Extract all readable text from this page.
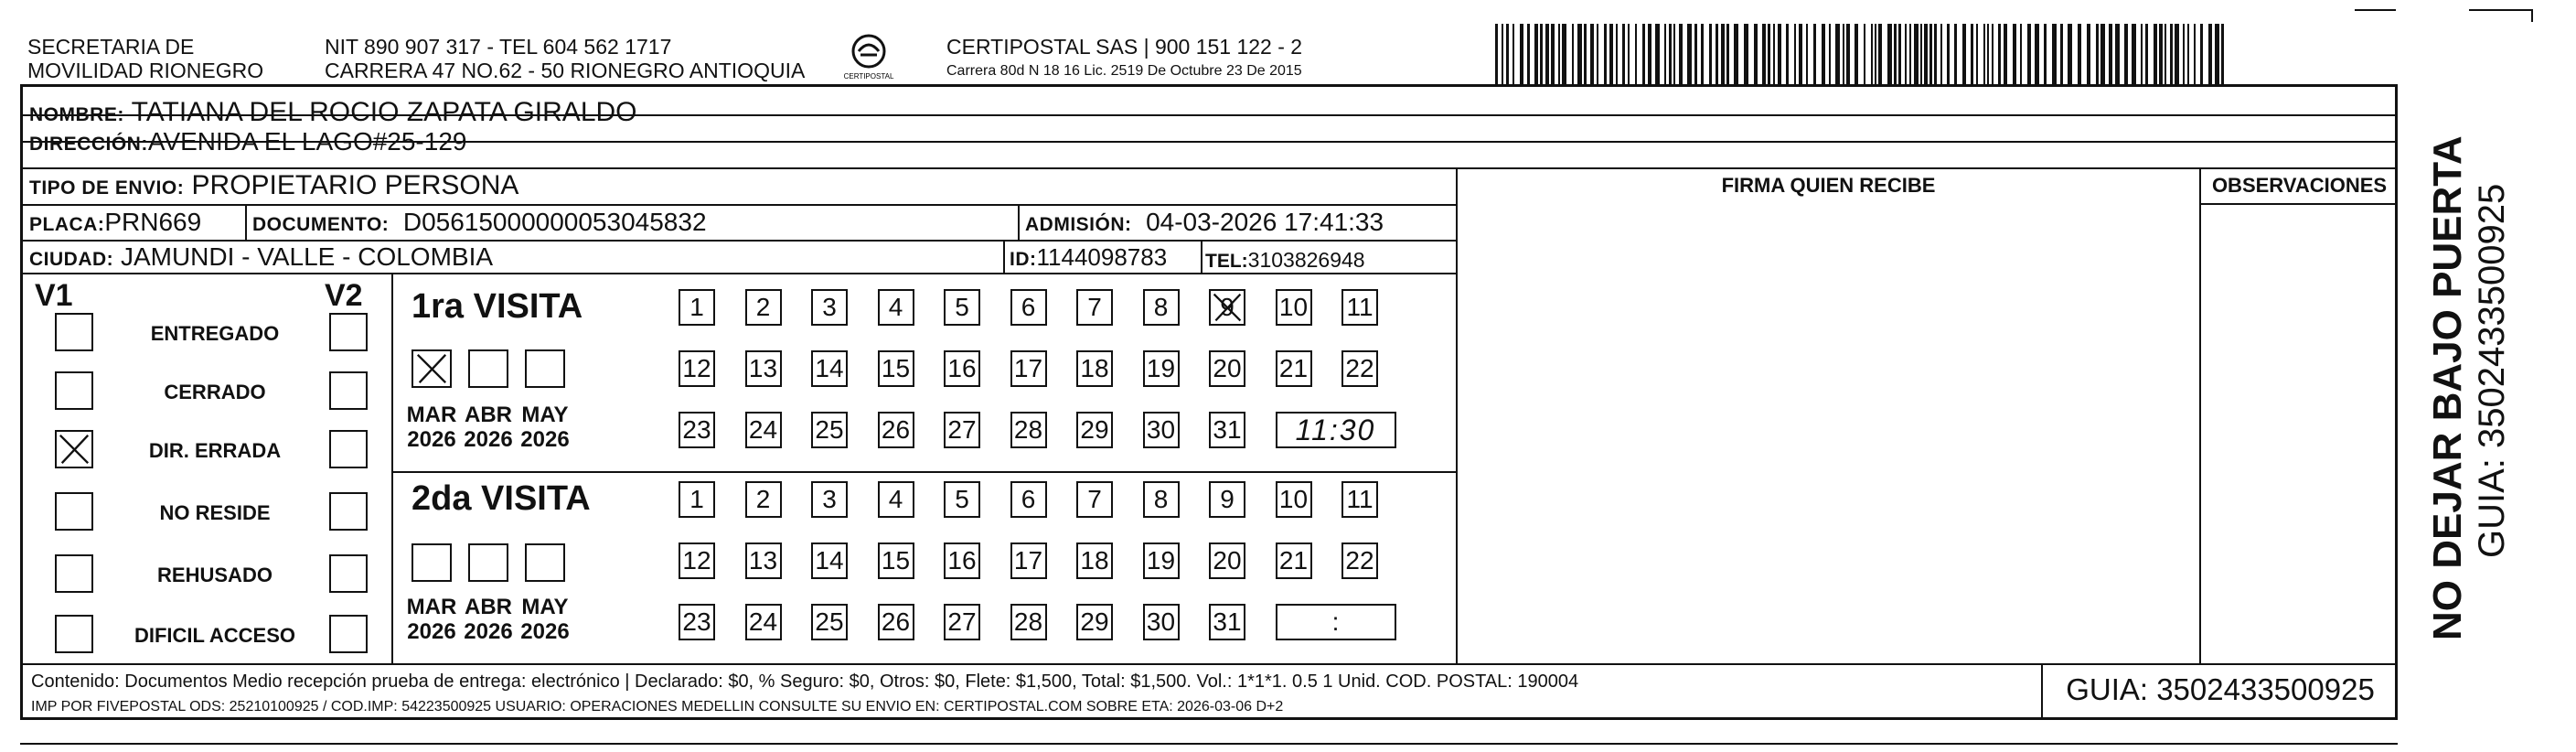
SECRETARIA DE
MOVILIDAD RIONEGRO
NIT 890 907 317 - TEL 604 562 1717
CARRERA 47 NO.62 - 50 RIONEGRO ANTIOQUIA	CERTIPOSTAL
CERTIPOSTAL SAS | 900 151 122 - 2
Carrera 80d N 18 16 Lic. 2519 De Octubre 23 De 2015
NOMBRE: TATIANA DEL ROCIO ZAPATA GIRALDO
DIRECCIÓN:AVENIDA EL LAGO#25-129
TIPO DE ENVIO: PROPIETARIO PERSONA
PLACA:PRN669	DOCUMENTO: D05615000000053045832	ADMISIÓN: 04-03-2026 17:41:33
CIUDAD: JAMUNDI - VALLE - COLOMBIA	ID:1144098783 TEL:3103826948
FIRMA QUIEN RECIBE	OBSERVACIONES
V1	V2
ENTREGADO
CERRADO
DIR. ERRADA
NO RESIDE
REHUSADO
DIFICIL ACCESO
1ra VISITA
2da VISITA
1	2	3	4	5	6	7	8	9	10 11
12 13 14 15 16 17 18 19 20 21 22
23 24 25 26 27 28 29 30 31	11:30
1	2	3	4	5	6	7	8	9	10 11
12 13 14 15 16 17 18 19 20 21 22
23 24 25 26 27 28 29 30 31	:
MAR
2026
ABR
2026
MAY
2026
MAR
2026
ABR
2026
MAY
2026
Contenido: Documentos Medio recepción prueba de entrega: electrónico | Declarado: $0, % Seguro: $0, Otros: $0, Flete: $1,500, Total: $1,500. Vol.: 1*1*1. 0.5 1 Unid. COD. POSTAL: 190004
IMP POR FIVEPOSTAL ODS: 25210100925 / COD.IMP: 54223500925 USUARIO: OPERACIONES MEDELLIN CONSULTE SU ENVIO EN: CERTIPOSTAL.COM SOBRE ETA: 2026-03-06 D+2
GUIA: 3502433500925
NO DEJAR BAJO PUERTA GUIA: 3502433500925
